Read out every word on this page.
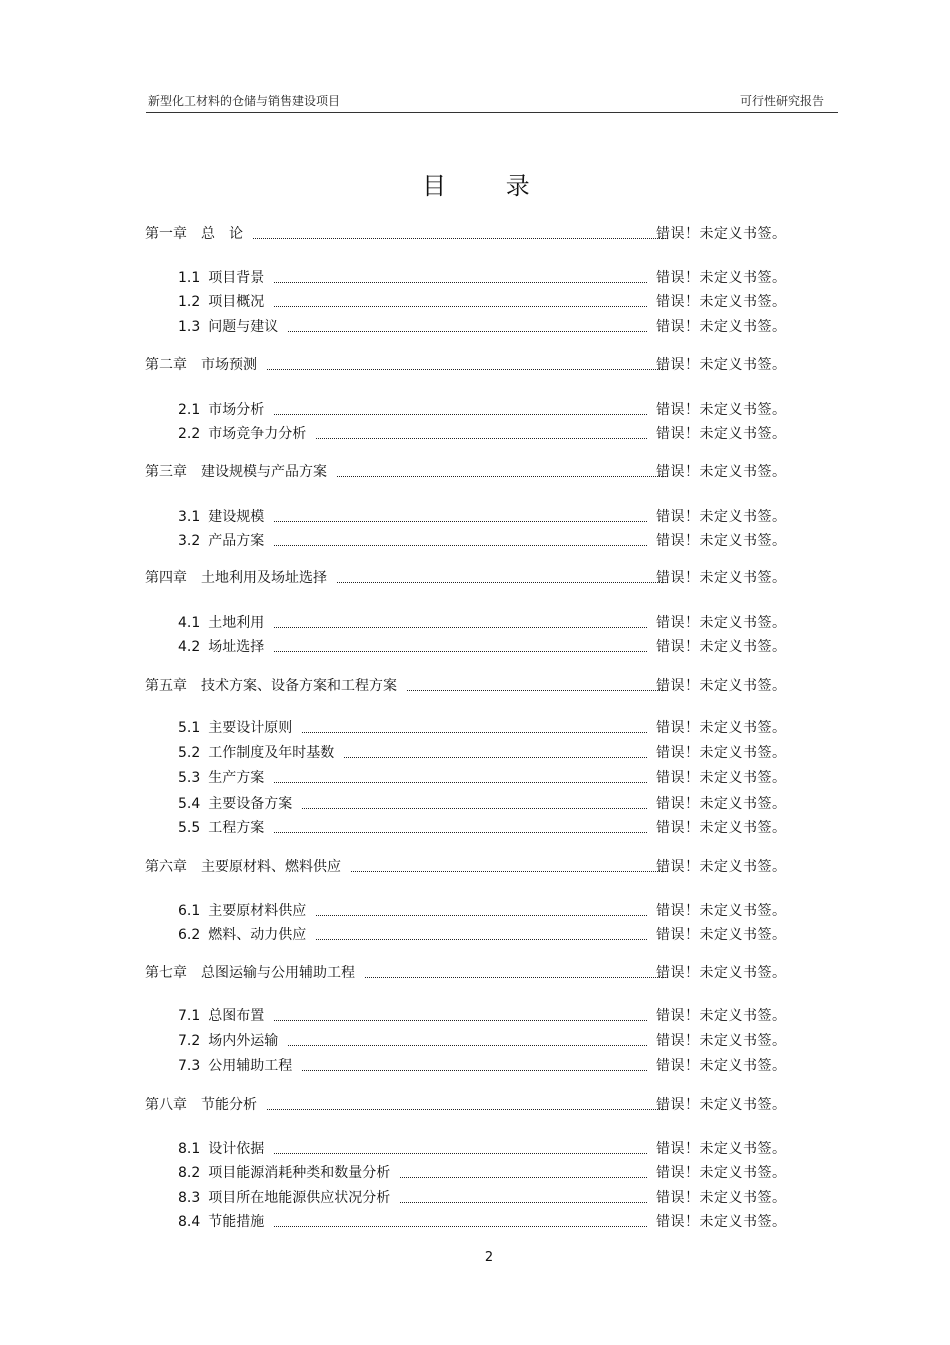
新型化工材料的仓储与销售建设项目	可行性研究报告
目 录
第一章 总　论	错误！未定义书签。
1.1 项目背景	错误！未定义书签。
1.2 项目概况	错误！未定义书签。
1.3 问题与建议	错误！未定义书签。
第二章 市场预测	错误！未定义书签。
2.1 市场分析	错误！未定义书签。
2.2 市场竞争力分析	错误！未定义书签。
第三章 建设规模与产品方案	错误！未定义书签。
3.1 建设规模	错误！未定义书签。
3.2 产品方案	错误！未定义书签。
第四章 土地利用及场址选择	错误！未定义书签。
4.1 土地利用	错误！未定义书签。
4.2 场址选择	错误！未定义书签。
第五章 技术方案、设备方案和工程方案	错误！未定义书签。
5.1 主要设计原则	错误！未定义书签。
5.2 工作制度及年时基数	错误！未定义书签。
5.3 生产方案	错误！未定义书签。
5.4 主要设备方案	错误！未定义书签。
5.5 工程方案	错误！未定义书签。
第六章 主要原材料、燃料供应	错误！未定义书签。
6.1 主要原材料供应	错误！未定义书签。
6.2 燃料、动力供应	错误！未定义书签。
第七章 总图运输与公用辅助工程	错误！未定义书签。
7.1 总图布置	错误！未定义书签。
7.2 场内外运输	错误！未定义书签。
7.3 公用辅助工程	错误！未定义书签。
第八章 节能分析	错误！未定义书签。
8.1 设计依据	错误！未定义书签。
8.2 项目能源消耗种类和数量分析	错误！未定义书签。
8.3 项目所在地能源供应状况分析	错误！未定义书签。
8.4 节能措施	错误！未定义书签。
2
